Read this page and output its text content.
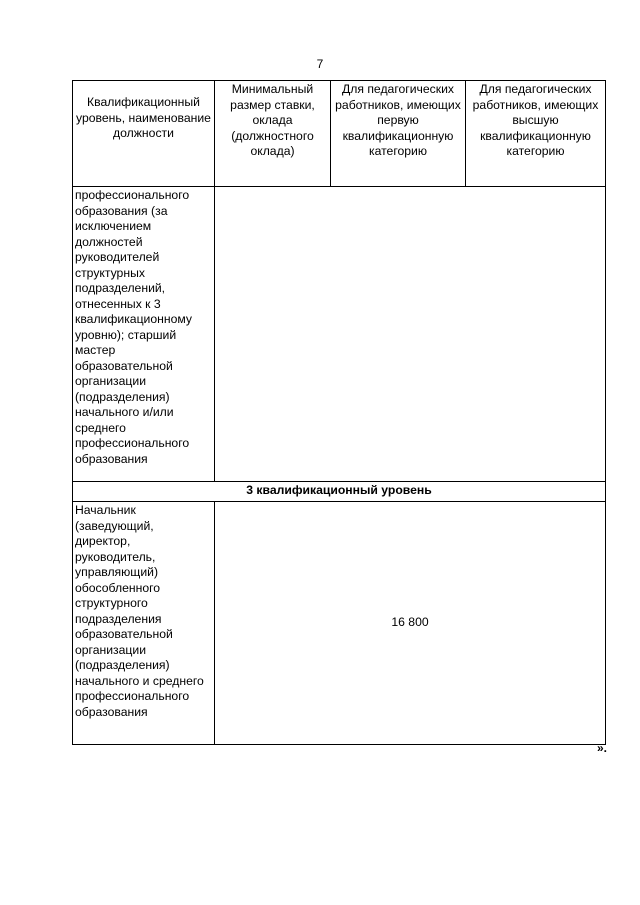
7
Квалификационный уровень, наименование должности	Минимальный размер ставки, оклада (должностного оклада)	Для педагогических работников, имеющих первую квалификационную категорию	Для педагогических работников, имеющих высшую квалификационную категорию
профессионального образования (за исключением должностей руководителей структурных подразделений, отнесенных к 3 квалификационному уровню); старший мастер образовательной организации (подразделения) начального и/или среднего профессионального образования			
3 квалификационный уровень			
Начальник (заведующий, директор, руководитель, управляющий) обособленного структурного подразделения образовательной организации (подразделения) начального и среднего профессионального образования	16 800		
».
